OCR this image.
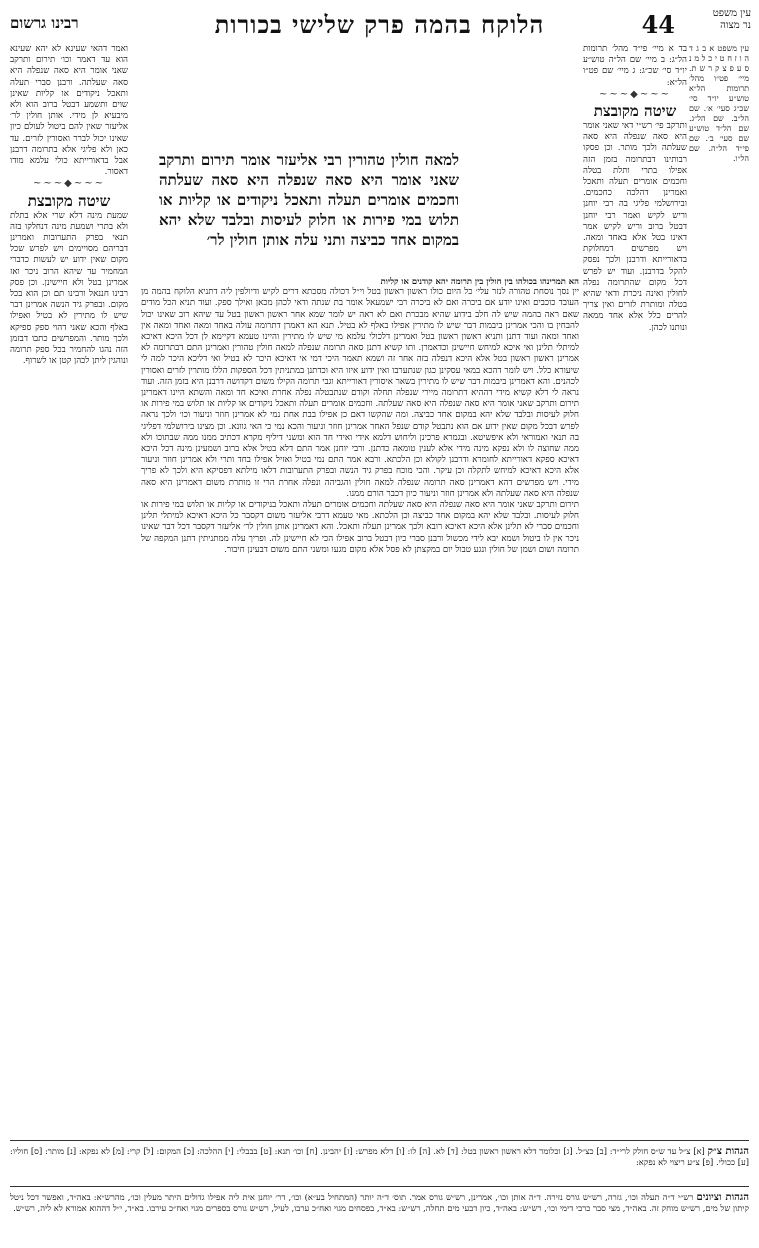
עין משפט
נר מצוה
44
הלוקח בהמה פרק שלישי בכורות
רבינו גרשום
עין משפט א ב ג ד ה ו ז ח ט י כ ל מ נ ס ע פ צ ק ר ש ת. מיי׳ פט״ו מהל׳ תרומות הל״א טוש״ע יו״ד סי׳ שכ״ג סעי׳ א׳. שם הל״ב. שם הל״ג. שם הל״ד טוש״ע שם סעי׳ ב׳. שם פי״ד הל״ה. שם הל״ו.
בד א מיי׳ פי״ד מהל׳ תרומות הל״ג: ב מיי׳ שם הל״ה טוש״ע יו״ד סי׳ שכ״ג: ג מיי׳ שם פט״ו הל״א:
~~~◆~~~
שיטה מקובצת
ותרקב פי׳ רש״י דאי שאני אומר היא סאה שנפלה היא סאה שעלתה ולכך מותר. וכן פסקו רבותינו דבתרומה בזמן הזה אפילו בתרי ותלת בטלה וחכמים אומרים תעלה ותאכל ואמרינן דהלכה כחכמים. ובירושלמי פליגי בה רבי יוחנן וריש לקיש ואמר רבי יוחנן דבטל ברוב וריש לקיש אמר דאינו בטל אלא באחד ומאה. ויש מפרשים דמחלוקת בדאורייתא ודרבנן ולכך נפסק להקל בדרבנן. ועוד יש לפרש דכל מקום שהתרומה נפלה לחולין ואינה ניכרת ודאי שהיא בטלה ומותרת לזרים ואין צריך להרים כלל אלא אחד ממאה ונותנו לכהן.
למאה חולין טהורין רבי אליעזר אומר תירום ותרקב שאני אומר היא סאה שנפלה היא סאה שעלתה וחכמים אומרים תעלה ותאכל ניקודים או קליות או תלוש במי פירות או חלוק לעיסות ובלבד שלא יהא במקום אחד כביצה ותני עלה אותן חולין לר׳
הא תמרינהו בכולהו בין חולין בין תרומה יהא קודנים או קליות
יין נסך נוסחת טהורה לנזר עלי׳ כל היום כולו ראשון ראשון בטל וי״ל דכולה מסכתא דרים לקיש ודיולפין ליה דתניא הלוקח בהמה מן העובד כוכבים ואינו יודע אם ביכרה ואם לא ביכרה רבי ישמעאל אומר בת שנתה ודאי לכהן מכאן ואילך ספק. ועוד תניא הכל מודים שאם ראה בהמה שיש לה חלב בידוע שהיא מבכרת ואם לא ראה יש לומר שמא אחר ראשון ראשון בטל עד שיהא רוב שאינו יכול להבחין בו והכי אמרינן ביבמות דבר שיש לו מתירין אפילו באלף לא בטיל. תנא הא דאמרן דתרומה עולה באחד ומאה ואחד ומאה אין ואחד ומאה ועוד דתנן ותניא ראשון ראשון בטל ואמרינן דלכולי עלמא מי שיש לו מתירין והיינו טעמא דקיימא לן דכל היכא דאיכא למיתלי תלינן ואי איכא למיחש חיישינן וכדאמרן. ותו קשיא דתנן סאה תרומה שנפלה למאה חולין טהורין ואמרינן התם דבתרומה לא אמרינן ראשון ראשון בטל אלא היכא דנפלה בזה אחר זה ושמא תאמר היכי דמי אי דאיכא היכר לא בטיל ואי דליכא היכר למה לי שיעורא כלל. ויש לומר דהכא במאי עסקינן כגון שנתערבו ואין ידוע איזו היא וכדתנן במתניתין דכל הספקות הללו מותרין לזרים ואסורין לכהנים. והא דאמרינן ביבמות דבר שיש לו מתירין בשאר איסורין דאורייתא וגבי תרומה הקילו משום דקדושה דרבנן היא בזמן הזה. ועוד נראה לי דלא קשיא מידי דההיא דתרומה מיירי שנפלה תחלה וקודם שנתבטלה נפלה אחרת ואיכא חד ומאה והשתא היינו דאמרינן תירום ותרקב שאני אומר היא סאה שנפלה היא סאה שעלתה. וחכמים אומרים תעלה ותאכל ניקודים או קליות או תלוש במי פירות או חלוק לעיסות ובלבד שלא יהא במקום אחד כביצה. ומה שהקשו דאם כן אפילו בבת אחת נמי לא אמרינן חוזר וניעור וכו׳ ולכך נראה לפרש דבכל מקום שאין ידוע אם הוא נתבטל קודם שנפל האחר אמרינן חוזר וניעור והכא נמי כי האי גוונא. וכן מצינו בירושלמי דפליגי בה תנאי ואמוראי ולא איפשיטא. ובגמרא פרכינן וליחוש דלמא אידי ואידי חד הוא ומשני דיליף מקרא דכתיב ממנו ממה שבתוכו ולא ממה שחוצה לו ולא נפקא מינה מידי אלא לענין טומאה כדתנן. ורבי יוחנן אמר התם דלא בטיל אלא ברוב ושמעינן מינה דכל היכא דאיכא ספקא דאורייתא לחומרא ודרבנן לקולא וכן הלכתא. ורבא אמר התם נמי בטיל ואזיל אפילו בחד ותרי ולא אמרינן חוזר וניעור אלא היכא דאיכא למיחש לתקלה וכן עיקר. והכי מוכח בפרק גיד הנשה ובפרק התערובות דלאו מילתא דפסיקא היא ולכך לא פריך מידי. ויש מפרשים דהא דאמרינן סאה תרומה שנפלה למאה חולין והגביהה ונפלה אחרת הרי זו מותרת משום דאמרינן היא סאה שנפלה היא סאה שעלתה ולא אמרינן חוזר וניעור כיון דכבר הורם ממנו.
תירום ותרקב שאני אומר היא סאה שנפלה היא סאה שעלתה וחכמים אומרים תעלה ותאכל בניקודים או קליות או תלוש במי פירות או חלוק לעיסות. ובלבד שלא יהא במקום אחד כביצה וכן הלכתא. מאי טעמא דרבי אליעזר משום דקסבר כל היכא דאיכא למיתלי תלינן וחכמים סברי לא תלינן אלא היכא דאיכא רובא ולכך אמרינן תעלה ותאכל. והא דאמרינן אותן חולין לר׳ אליעזר דקסבר דכל דבר שאינו ניכר אין לו ביטול ושמא יבא לידי מכשול ורבנן סברי כיון דבטל ברוב אפילו הכי לא חיישינן לה. ופריך עלה ממתניתין דתנן המקפה של תרומה ושום ושמן של חולין ונגע טבול יום במקצתן לא פסל אלא מקום מגעו ומשני התם משום דבעינן חיבור.
ואמר דהאי שעינא לא יהא שעינא הוא עד דאמר וכו׳ תירום ותרקב שאני אומר היא סאה שנפלה היא סאה שעלתה. ורבנן סברי תעלה ותאכל ניקודים או קליות שאינן שוים ותשמע דבטל ברוב הוא ולא מיבעיא לן מידי. אותן חולין לר׳ אליעזר שאין להם ביטול לעולם כיון שאינו יכול לברר ואסורין לזרים. עד כאן ולא פליגי אלא בתרומה דרבנן אבל בדאורייתא כולי עלמא מודו דאסור.
~~~◆~~~
שיטה מקובצת
שמעת מינה דלא שרי אלא בתלת ולא בתרי ושמעת מינה דנחלקו בזה תנאי בפרק התערובות ואמרינן דבריהם מסויימים ויש לפרש שכל מקום שאין ידוע יש לעשות כדברי המחמיר עד שיהא הרוב ניכר ואז אמרינן בטל ולא חיישינן. וכן פסק רבינו חננאל ורבינו תם וכן הוא בכל מקום. ובפרק גיד הנשה אמרינן דבר שיש לו מתירין לא בטיל ואפילו באלף והכא שאני דהוי ספק ספיקא ולכך מותר. והמפרשים כתבו דבזמן הזה נהגו להחמיר בכל ספק תרומה ונוהגין ליתן לכהן קטן או לשרוף.
הגהות צ״ק [א] צ״ל עד ש״ס חולק לרי״ד: [ב] כצ״ל. [ג] וכלומר דלא ראשון ראשון בטל: [ד] לא. [ה] לו: [ו] דלא מפרש: [ז] יהבינן. [ח] וכו׳ תנא: [ט] בבבלי: [י] ההלכה: [כ] המקום: [ל] קרי: [מ] לא נפקא: [נ] מותר: [ס] חוליו: [ע] ככולי. [פ] צ״ע ריצוי לא נפקא:
הגהות וציונים רש״י ד״ה תעלה וכו׳, גזרה, רש״ש גורס נזירה. ד״ה אותן וכו׳, אמרינן, רש״ש גורס אמר. תוס׳ ד״ה יותר (המתחיל בע״א) וכו׳, דר׳ יוחנן אית ליה אפילו גדולים היתר מעלין וכו׳, מהרש״א: באה״ד, ואפשר דכל ניטל קיתון של מים, רש״ש מוחק זה. באה״ד, מצי סבר כרבי דימי וכו׳, רש״ש: באה״ד, כיון דבעי מים תחלה, רש״ש: בא״ד, בפסחים מגוי ואח״כ ערבו, לעיל, רש״ש גורס בספרים מגוי ואח״כ עירבו. בא״ד, י״ל דההוא אמורא לא ליה, רש״ש.
